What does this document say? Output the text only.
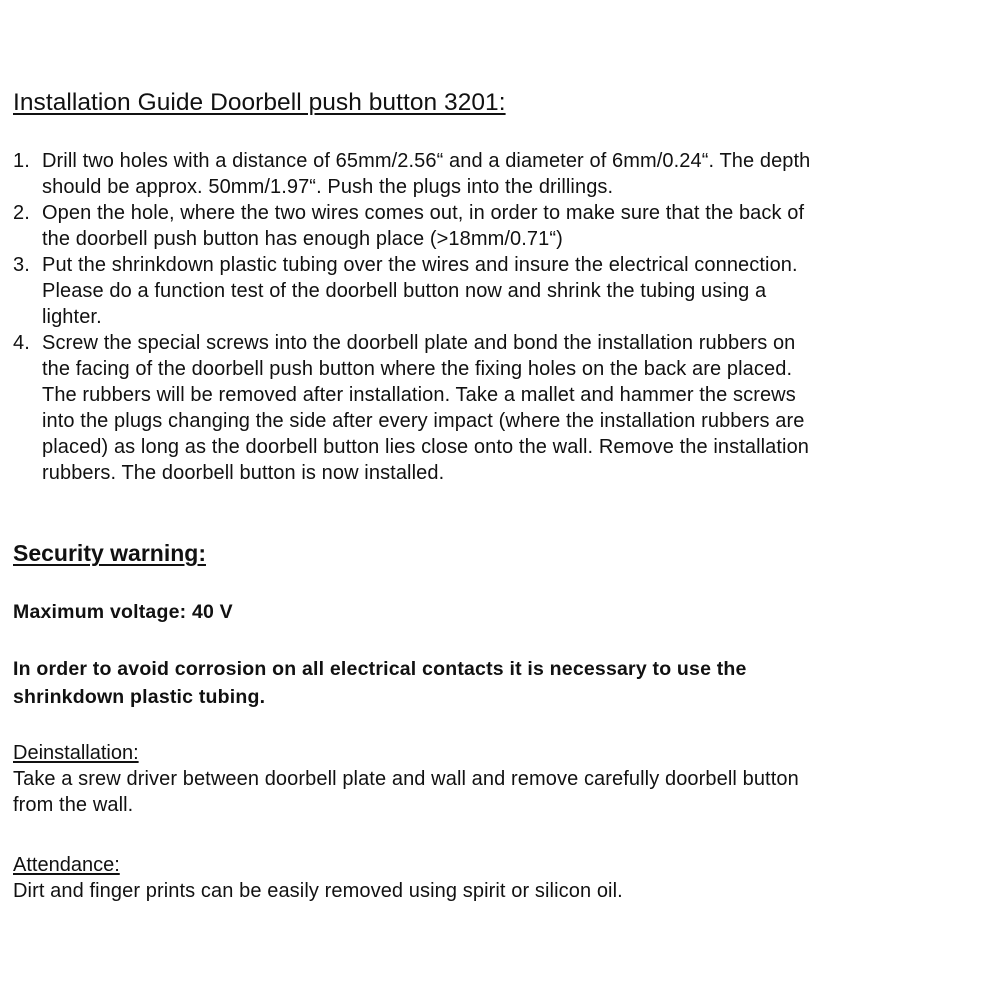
Installation Guide Doorbell push button 3201:
1. Drill two holes with a distance of 65mm/2.56“ and a diameter of 6mm/0.24“. The depth
should be approx. 50mm/1.97“. Push the plugs into the drillings.
2. Open the hole, where the two wires comes out, in order to make sure that the back of
the doorbell push button has enough place (>18mm/0.71“)
3. Put the shrinkdown plastic tubing over the wires and insure the electrical connection.
Please do a function test of the doorbell button now and shrink the tubing using a
lighter.
4. Screw the special screws into the doorbell plate and bond the installation rubbers on
the facing of the doorbell push button where the fixing holes on the back are placed.
The rubbers will be removed after installation. Take a mallet and hammer the screws
into the plugs changing the side after every impact (where the installation rubbers are
placed) as long as the doorbell button lies close onto the wall. Remove the installation
rubbers. The doorbell button is now installed.
Security warning:
Maximum voltage: 40 V
In order to avoid corrosion on all electrical contacts it is necessary to use the
shrinkdown plastic tubing.
Deinstallation:
Take a srew driver between doorbell plate and wall and remove carefully doorbell button
from the wall.
Attendance:
Dirt and finger prints can be easily removed using spirit or silicon oil.
